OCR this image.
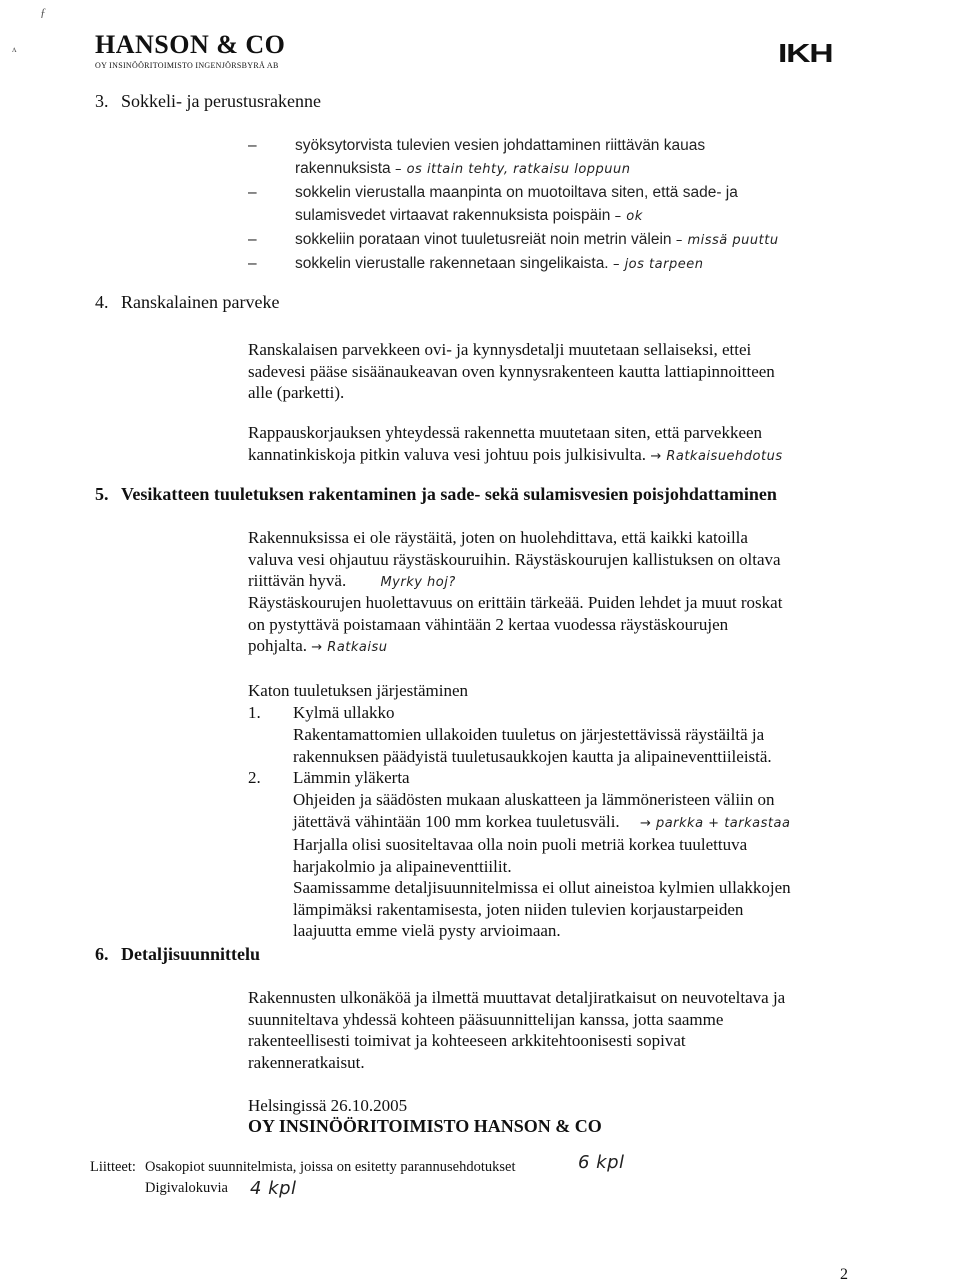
ƒ
ʌ	HANSON & CO
OY INSINÖÖRITOIMISTO INGENJÖRSBYRÅ AB	IKH
3. Sokkeli- ja perustusrakenne
– syöksytorvista tulevien vesien johdattaminen riittävän kauas
rakennuksista – os ittain tehty, ratkaisu loppuun
– sokkelin vierustalla maanpinta on muotoiltava siten, että sade- ja
sulamisvedet virtaavat rakennuksista poispäin – ok
– sokkeliin porataan vinot tuuletusreiät noin metrin välein – missä puuttu
– sokkelin vierustalle rakennetaan singelikaista. – jos tarpeen
4. Ranskalainen parveke
Ranskalaisen parvekkeen ovi- ja kynnysdetalji muutetaan sellaiseksi, ettei
sadevesi pääse sisäänaukeavan oven kynnysrakenteen kautta lattiapinnoitteen
alle (parketti).
Rappauskorjauksen yhteydessä rakennetta muutetaan siten, että parvekkeen
kannatinkiskoja pitkin valuva vesi johtuu pois julkisivulta. → Ratkaisuehdotus
5. Vesikatteen tuuletuksen rakentaminen ja sade- sekä sulamisvesien poisjohdattaminen
Rakennuksissa ei ole räystäitä, joten on huolehdittava, että kaikki katoilla
valuva vesi ohjautuu räystäskouruihin. Räystäskourujen kallistuksen on oltava
riittävän hyvä.	Myrky hoj?
Räystäskourujen huolettavuus on erittäin tärkeää. Puiden lehdet ja muut roskat
on pystyttävä poistamaan vähintään 2 kertaa vuodessa räystäskourujen
pohjalta. → Ratkaisu
Katon tuuletuksen järjestäminen
1. Kylmä ullakko
Rakentamattomien ullakoiden tuuletus on järjestettävissä räystäiltä ja
rakennuksen päädyistä tuuletusaukkojen kautta ja alipaineventtiileistä.
2. Lämmin yläkerta
Ohjeiden ja säädösten mukaan aluskatteen ja lämmöneristeen väliin on
jätettävä vähintään 100 mm korkea tuuletusväli. → parkka + tarkastaa
Harjalla olisi suositeltavaa olla noin puoli metriä korkea tuulettuva
harjakolmio ja alipaineventtiilit.
Saamissamme detaljisuunnitelmissa ei ollut aineistoa kylmien ullakkojen
lämpimäksi rakentamisesta, joten niiden tulevien korjaustarpeiden
laajuutta emme vielä pysty arvioimaan.
6. Detaljisuunnittelu
Rakennusten ulkonäköä ja ilmettä muuttavat detaljiratkaisut on neuvoteltava ja
suunniteltava yhdessä kohteen pääsuunnittelijan kanssa, jotta saamme
rakenteellisesti toimivat ja kohteeseen arkkitehtoonisesti sopivat
rakenneratkaisut.
Helsingissä 26.10.2005
OY INSINÖÖRITOIMISTO HANSON & CO
Liitteet: Osakopiot suunnitelmista, joissa on esitetty parannusehdotukset	6 kpl
Digivalokuvia 4 kpl
2
